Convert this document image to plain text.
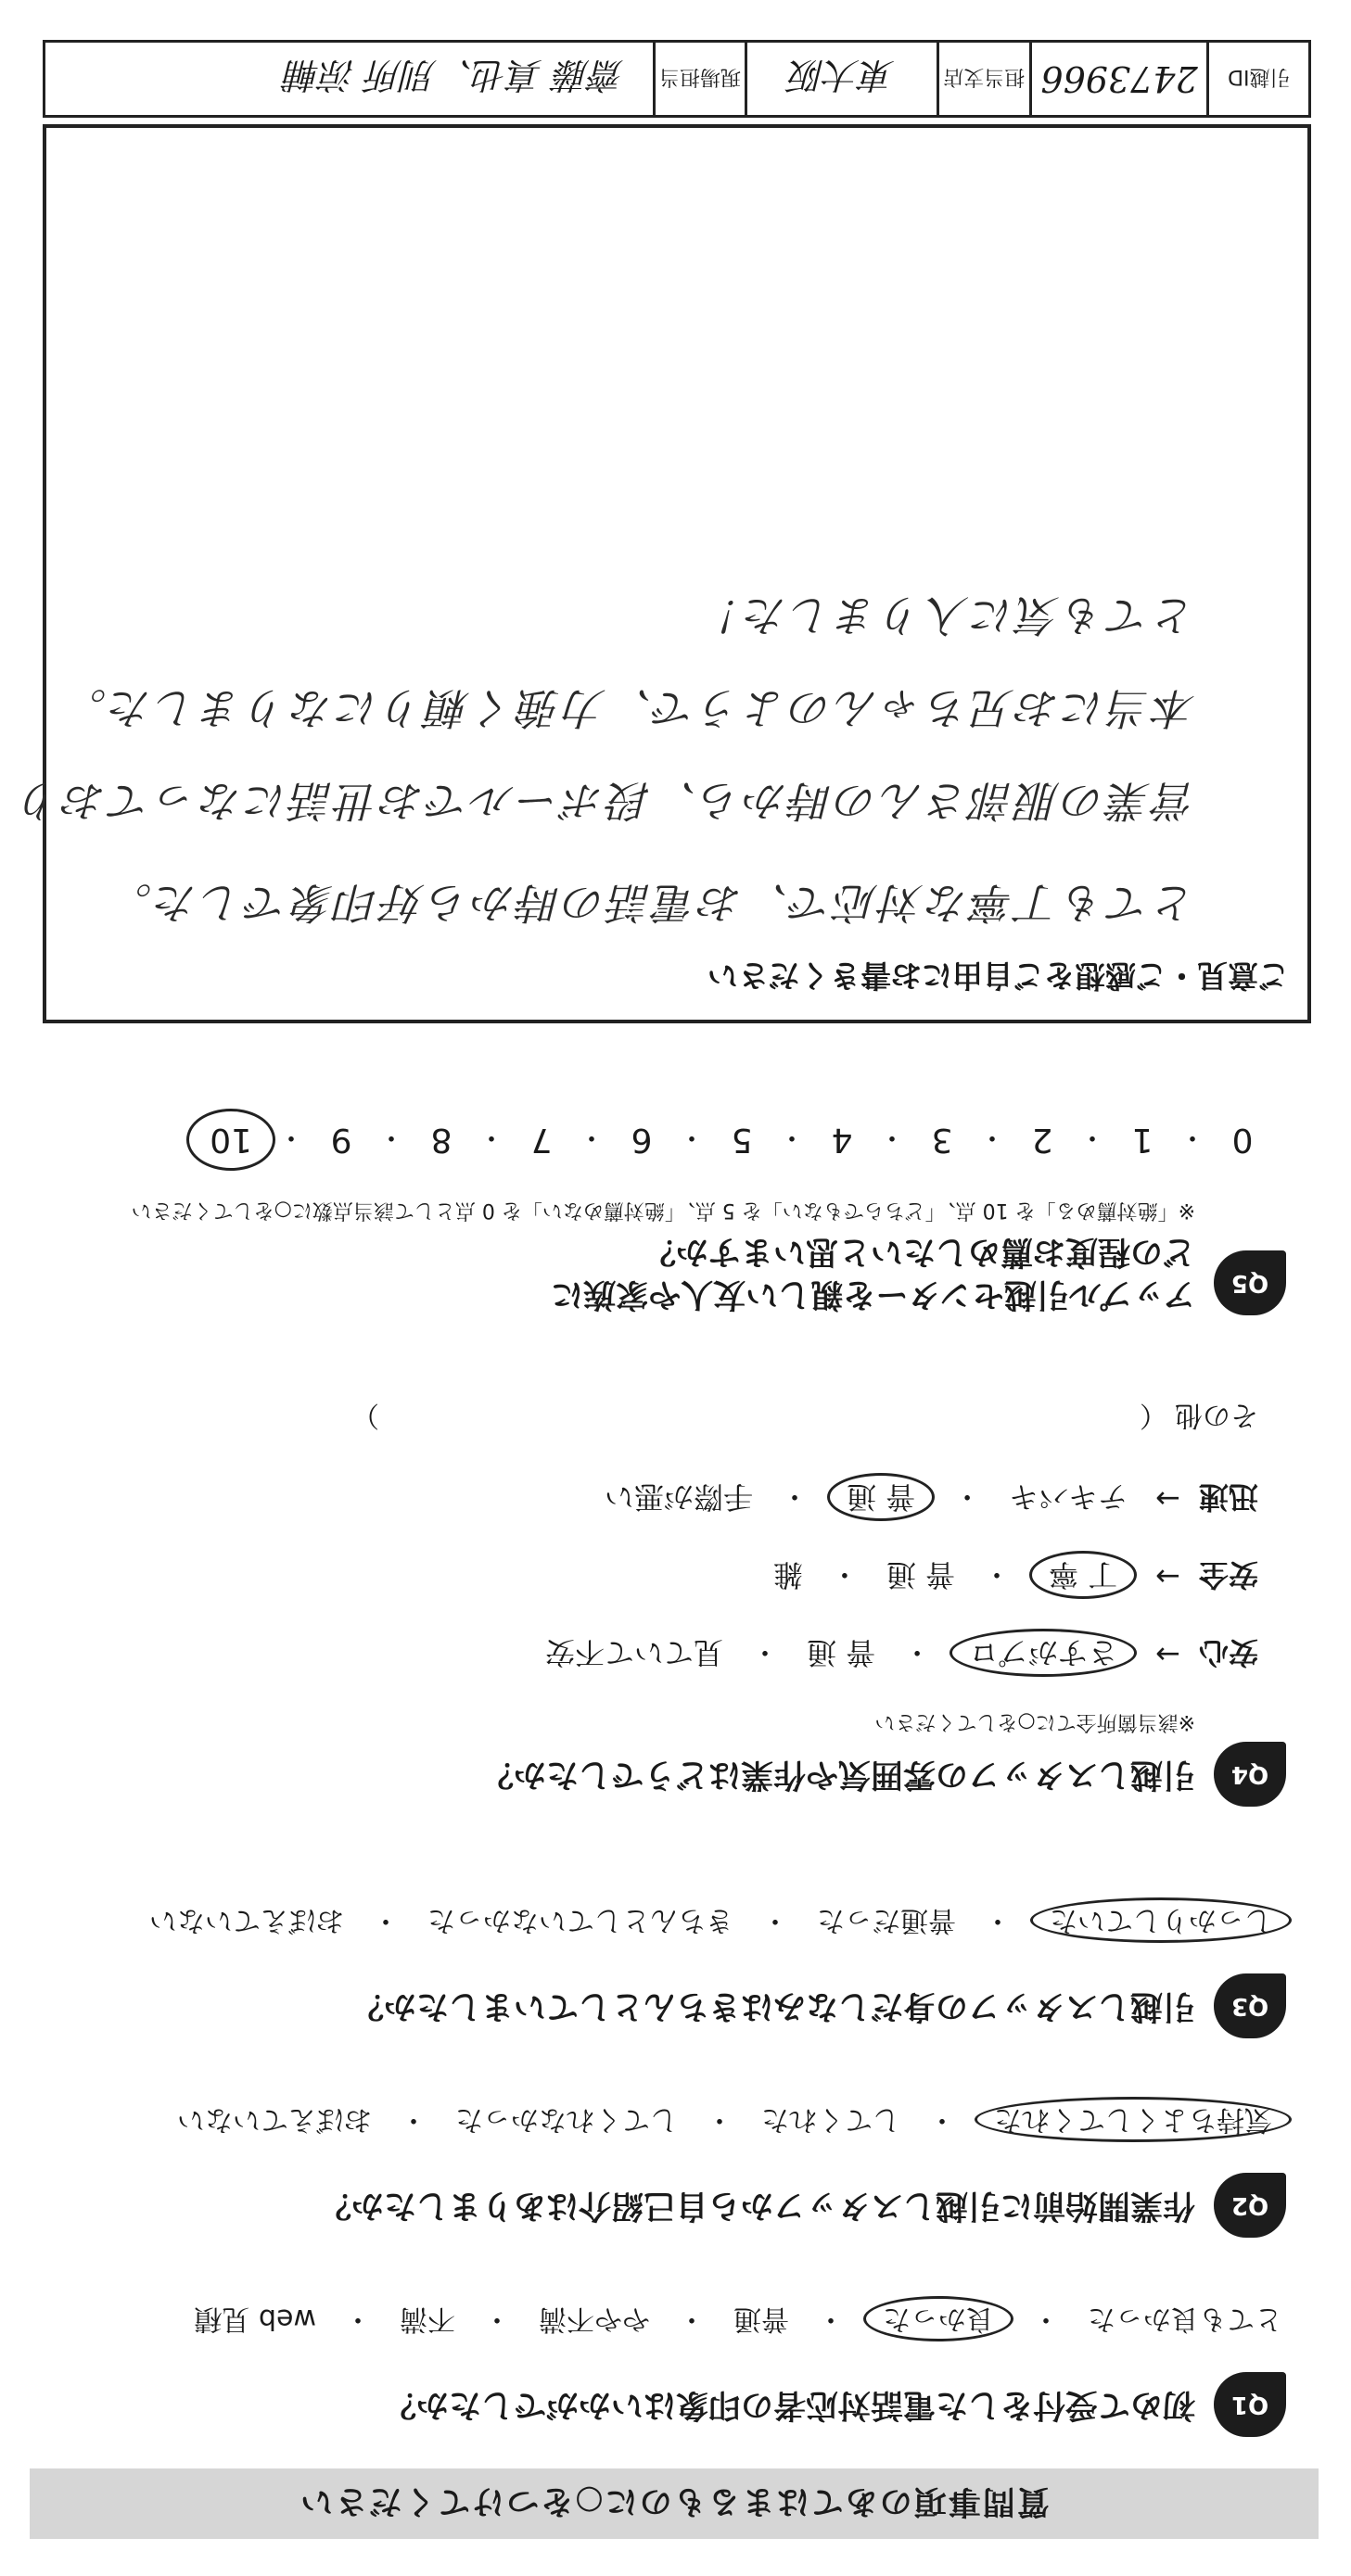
質問事項のあてはまるものに○をつけてください
Q1
初めて受付をした電話対応者の印象はいかがでしたか？
とても良かった
・
良かった
・
普通
・
やや不満
・
不満
・
web 見積
Q2
作業開始前に引越しスタッフから自己紹介はありましたか？
気持ちよくしてくれた
・
してくれた
・
してくれなかった
・
おぼえていない
Q3
引越しスタッフの身だしなみはきちんとしていましたか？
しっかりしていた
・
普通だった
・
きちんとしていなかった
・
おぼえていない
Q4
引越しスタッフの雰囲気や作業はどうでしたか？
※該当箇所全てに○をしてください
安心
→
さすがプロ
・
普 通
・
見ていて不安
安全
→
丁 寧
・
普 通
・
雑
迅速
→
テキパキ
・
普 通
・
手際が悪い
その他
（
）
Q5
アップル引越センターを親しい友人や家族に
どの程度お薦めしたいと思いますか？
※「絶対薦める」を 10 点、「どちらでもない」を 5 点、「絶対薦めない」を 0 点として該当点数に○をしてください
0
・
1
・
2
・
3
・
4
・
5
・
6
・
7
・
8
・
9
・
10
ご意見・ご感想をご自由にお書きください
とても丁寧な対応で、お電話の時から好印象でした。
営業の服部さんの時から、段ボールでお世話になっており
本当にお兄ちゃんのようで、力強く頼りになりました。
とても気に入りました！
引越ID
2473966
担当支店
東大阪
現場担当
齋藤 真也、別所 涼輔
